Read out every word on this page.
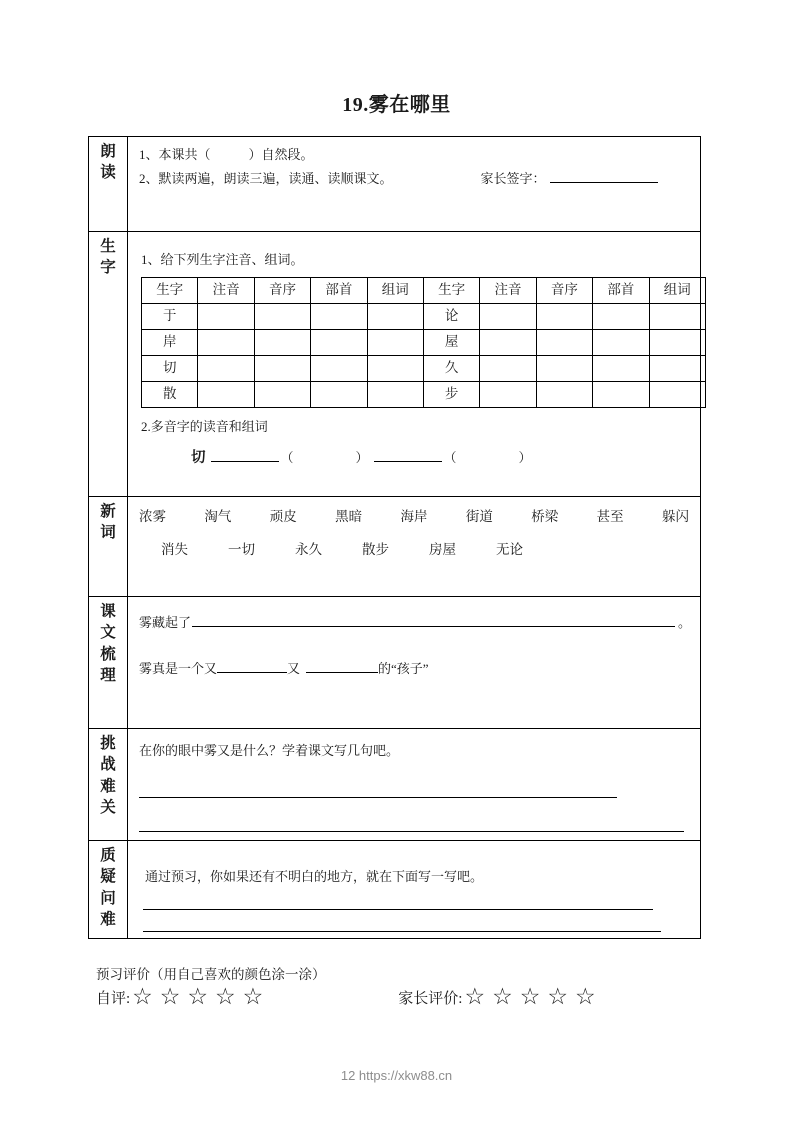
19.雾在哪里
朗
读

1、本课共（	）自然段。
2、默读两遍，朗读三遍，读通、读顺课文。	家长签字：

生
字	1、给下列生字注音、组词。
生字	注音	音序	部首	组词	生字	注音	音序	部首	组词
于					论				
岸					屋				
切					久				
散					步				
2.多音字的读音和组词
切	（	）	（	）

新
词

浓雾	淘气	顽皮	黑暗	海岸	街道	桥梁	甚至	躲闪
消失	一切	永久	散步	房屋	无论

课
文
梳
理

雾藏起了	。
雾真是一个又	又	的“孩子”

挑
战
难
关

在你的眼中雾又是什么？学着课文写几句吧。

质
疑
问
难

通过预习，你如果还有不明白的地方，就在下面写一写吧。
预习评价（用自己喜欢的颜色涂一涂）
自评: ☆ ☆ ☆ ☆ ☆	家长评价: ☆ ☆ ☆ ☆ ☆
12 https://xkw88.cn
